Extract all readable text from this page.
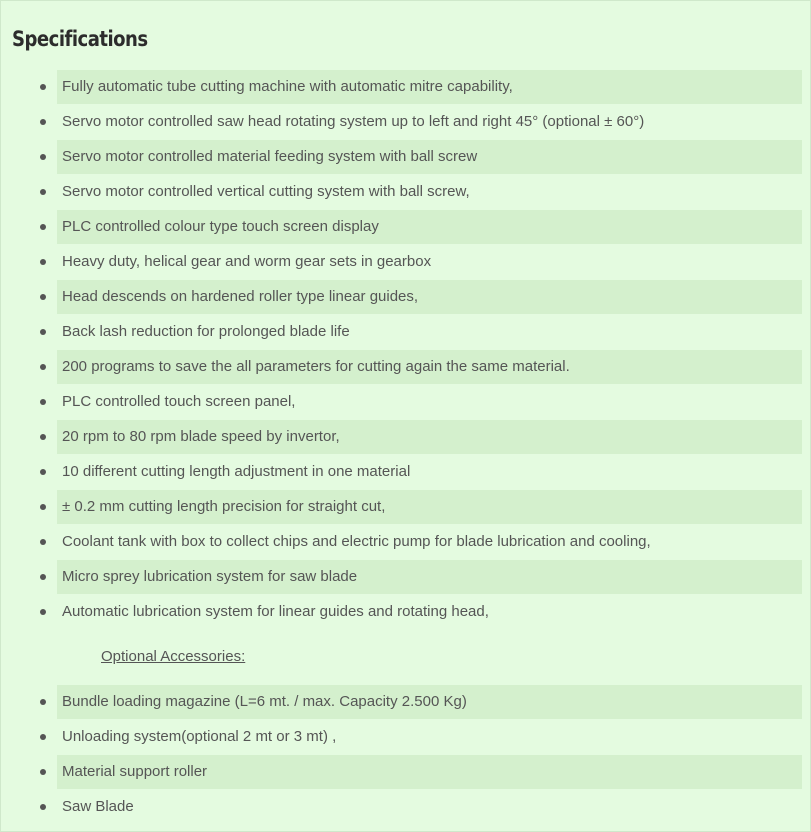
Specifications
Fully automatic tube cutting machine with automatic mitre capability,
Servo motor controlled saw head rotating system up to left and right 45° (optional ± 60°)
Servo motor controlled material feeding system with ball screw
Servo motor controlled vertical cutting system with ball screw,
PLC controlled colour type touch screen display
Heavy duty, helical gear and worm gear sets in gearbox
Head descends on hardened roller type linear guides,
Back lash reduction for prolonged blade life
200 programs to save the all parameters for cutting again the same material.
PLC controlled touch screen panel,
20 rpm to 80 rpm blade speed by invertor,
10 different cutting length adjustment in one material
± 0.2 mm cutting length precision for straight cut,
Coolant tank with box to collect chips and electric pump for blade lubrication and cooling,
Micro sprey lubrication system for saw blade
Automatic lubrication system for linear guides and rotating head,
Optional Accessories:
Bundle loading magazine (L=6 mt. / max. Capacity 2.500 Kg)
Unloading system(optional 2 mt or 3 mt) ,
Material support roller
Saw Blade
